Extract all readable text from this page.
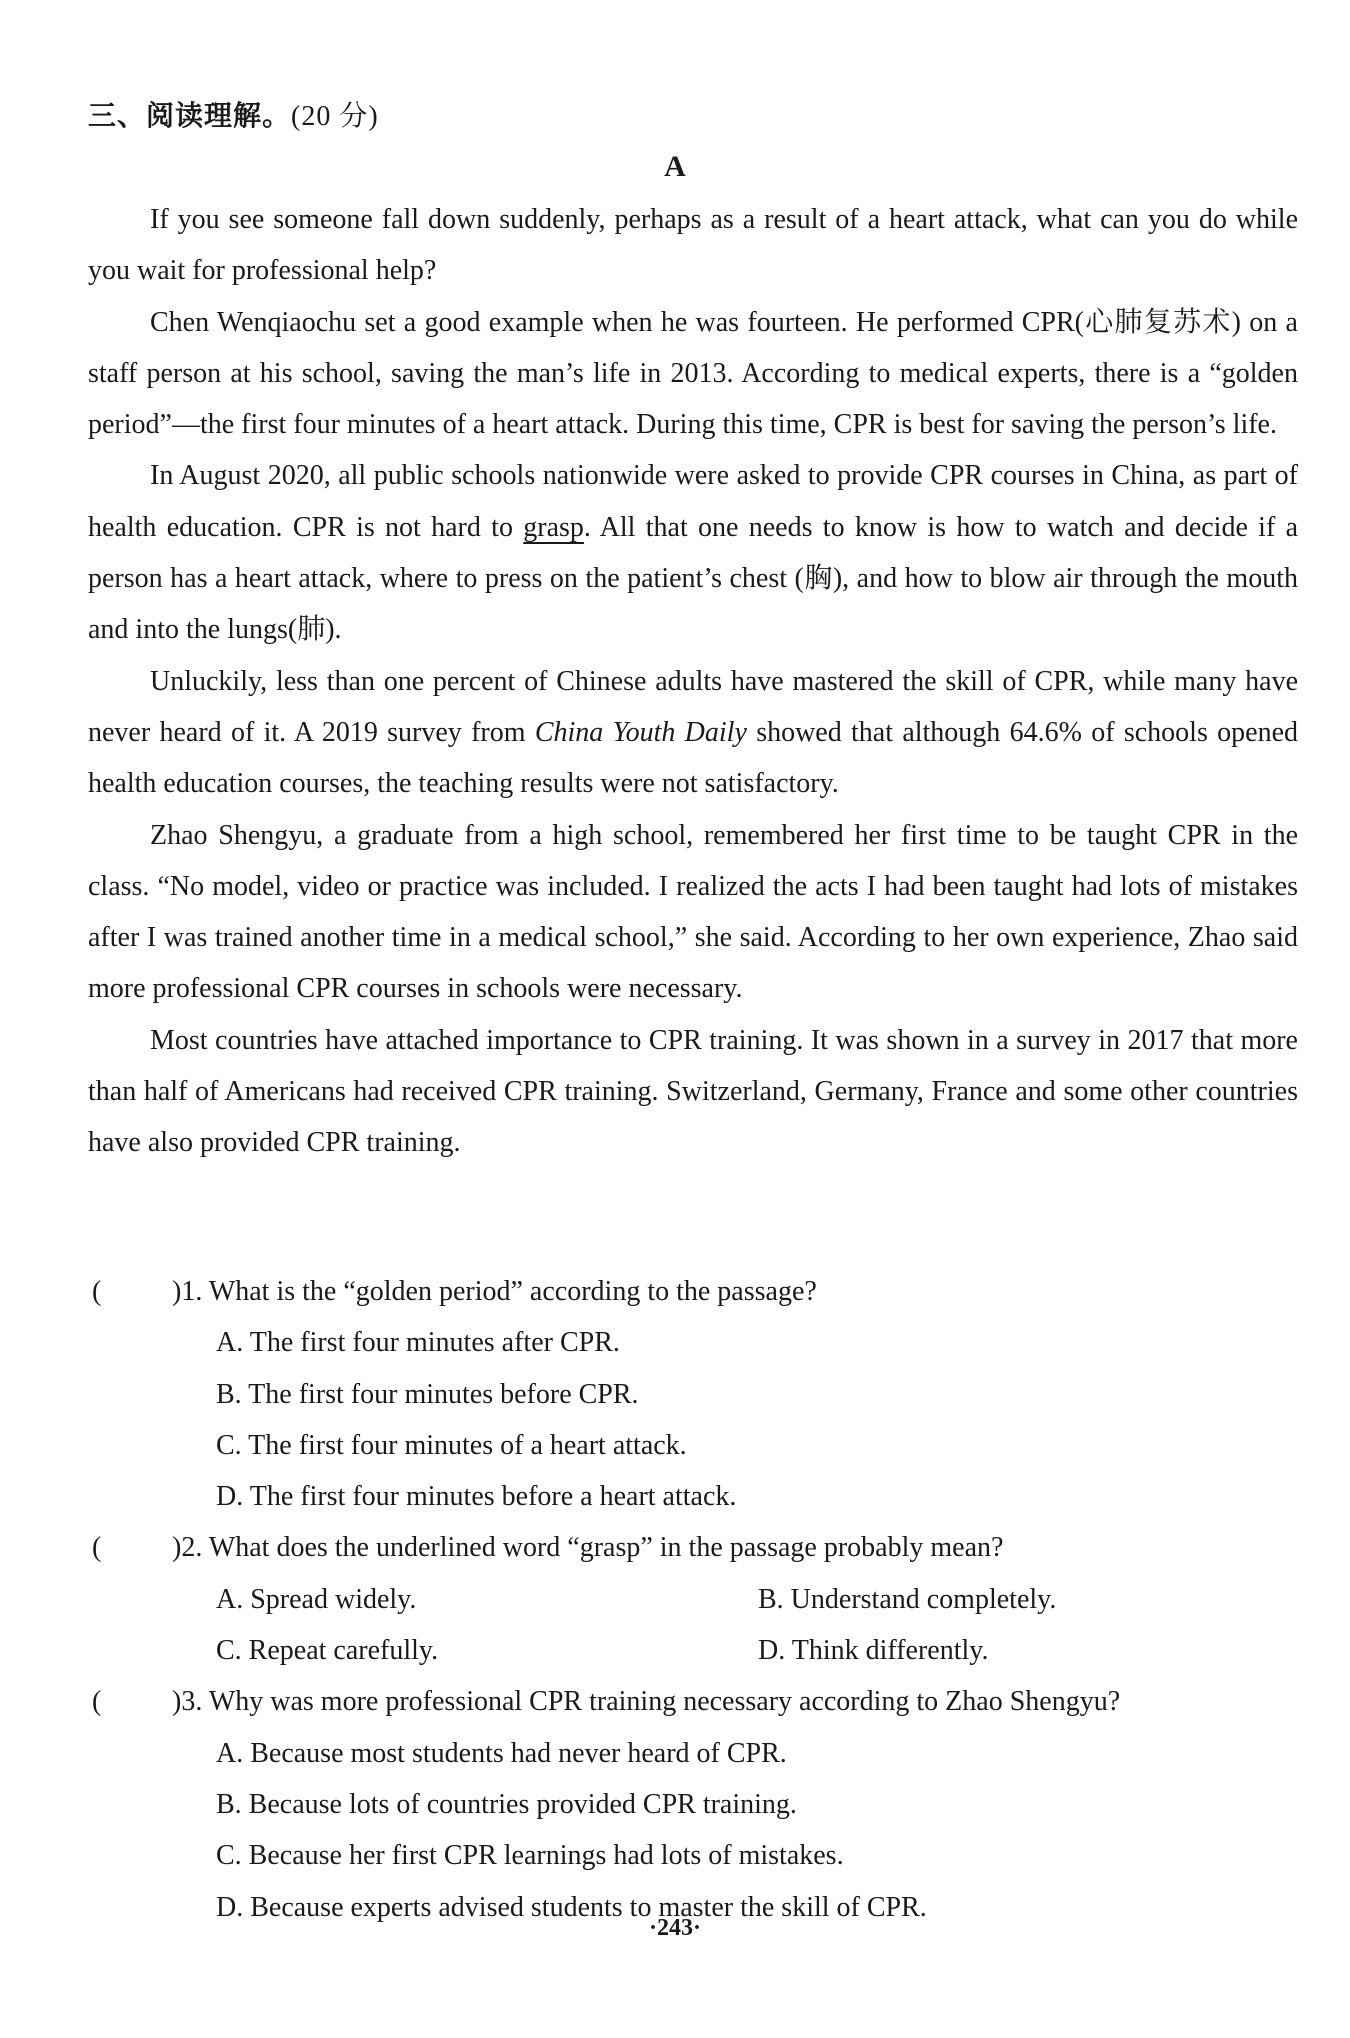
三、阅读理解。(20 分)
A

If you see someone fall down suddenly, perhaps as a result of a heart attack, what can you do while you wait for professional help?

Chen Wenqiaochu set a good example when he was fourteen. He performed CPR(心肺复苏术) on a staff person at his school, saving the man’s life in 2013. According to medical experts, there is a “golden period”—the first four minutes of a heart attack. During this time, CPR is best for saving the person’s life.

In August 2020, all public schools nationwide were asked to provide CPR courses in China, as part of health education. CPR is not hard to grasp. All that one needs to know is how to watch and decide if a person has a heart attack, where to press on the patient’s chest (胸), and how to blow air through the mouth and into the lungs(肺).

Unluckily, less than one percent of Chinese adults have mastered the skill of CPR, while many have never heard of it. A 2019 survey from China Youth Daily showed that although 64.6% of schools opened health education courses, the teaching results were not satisfactory.

Zhao Shengyu, a graduate from a high school, remembered her first time to be taught CPR in the class. “No model, video or practice was included. I realized the acts I had been taught had lots of mistakes after I was trained another time in a medical school,” she said. According to her own experience, Zhao said more professional CPR courses in schools were necessary.

Most countries have attached importance to CPR training. It was shown in a survey in 2017 that more than half of Americans had received CPR training. Switzerland, Germany, France and some other countries have also provided CPR training.

(	)1. What is the “golden period” according to the passage?
A. The first four minutes after CPR.
B. The first four minutes before CPR.
C. The first four minutes of a heart attack.
D. The first four minutes before a heart attack.
(	)2. What does the underlined word “grasp” in the passage probably mean?
A. Spread widely.	B. Understand completely.
C. Repeat carefully.	D. Think differently.
(	)3. Why was more professional CPR training necessary according to Zhao Shengyu?
A. Because most students had never heard of CPR.
B. Because lots of countries provided CPR training.
C. Because her first CPR learnings had lots of mistakes.
D. Because experts advised students to master the skill of CPR.
·243·
